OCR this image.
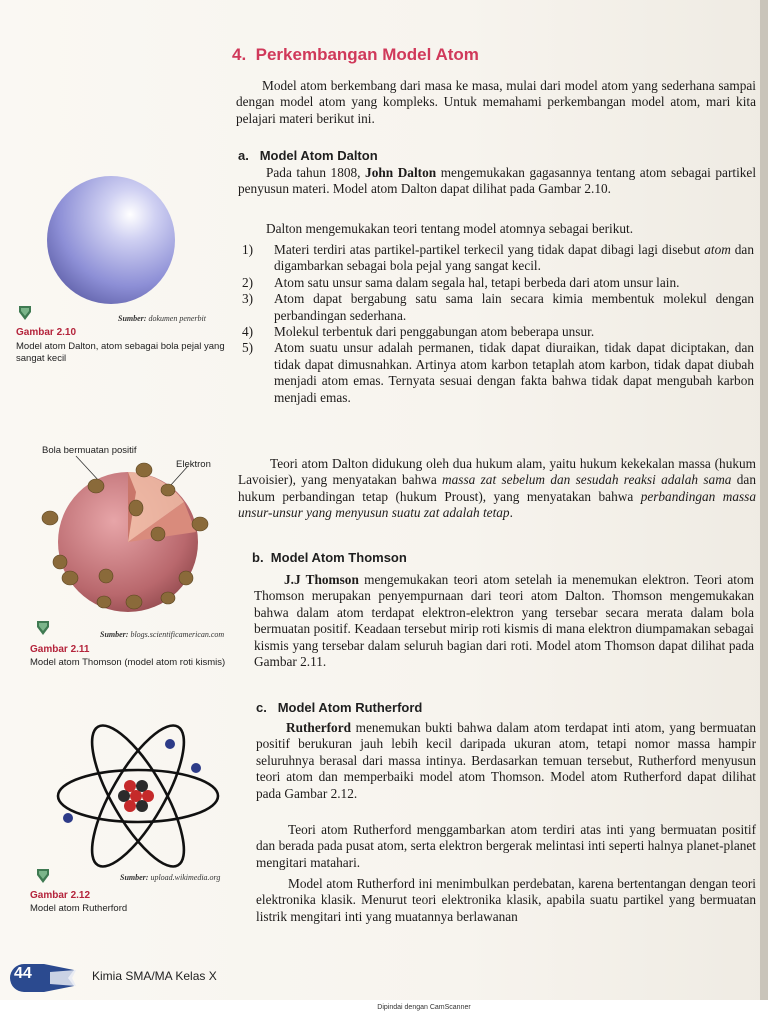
Sumber: dokumen penerbit
Gambar 2.10
Model atom Dalton, atom sebagai bola pejal yang sangat kecil
Bola bermuatan positif
Elektron
Sumber: blogs.scientificamerican.com
Gambar 2.11
Model atom Thomson (model atom roti kismis)
Sumber: upload.wikimedia.org
Gambar 2.12
Model atom Rutherford
4. Perkembangan Model Atom

Model atom berkembang dari masa ke masa, mulai dari model atom yang sederhana sampai dengan model atom yang kompleks. Untuk memahami perkembangan model atom, mari kita pelajari materi berikut ini.

a. Model Atom Dalton

Pada tahun 1808, John Dalton mengemukakan gagasannya tentang atom sebagai partikel penyusun materi. Model atom Dalton dapat dilihat pada Gambar 2.10.

Dalton mengemukakan teori tentang model atomnya sebagai berikut.

1)	Materi terdiri atas partikel-partikel terkecil yang tidak dapat dibagi lagi disebut atom dan digambarkan sebagai bola pejal yang sangat kecil.
2)	Atom satu unsur sama dalam segala hal, tetapi berbeda dari atom unsur lain.
3)	Atom dapat bergabung satu sama lain secara kimia membentuk molekul dengan perbandingan sederhana.
4)	Molekul terbentuk dari penggabungan atom beberapa unsur.
5)	Atom suatu unsur adalah permanen, tidak dapat diuraikan, tidak dapat diciptakan, dan tidak dapat dimusnahkan. Artinya atom karbon tetaplah atom karbon, tidak dapat diubah menjadi atom emas. Ternyata sesuai dengan fakta bahwa tidak dapat mengubah karbon menjadi emas.

Teori atom Dalton didukung oleh dua hukum alam, yaitu hukum kekekalan massa (hukum Lavoisier), yang menyatakan bahwa massa zat sebelum dan sesudah reaksi adalah sama dan hukum perbandingan tetap (hukum Proust), yang menyatakan bahwa perbandingan massa unsur-unsur yang menyusun suatu zat adalah tetap.

b. Model Atom Thomson

J.J Thomson mengemukakan teori atom setelah ia menemukan elektron. Teori atom Thomson merupakan penyempurnaan dari teori atom Dalton. Thomson mengemukakan bahwa dalam atom terdapat elektron-elektron yang tersebar secara merata dalam bola bermuatan positif. Keadaan tersebut mirip roti kismis di mana elektron diumpamakan sebagai kismis yang tersebar dalam seluruh bagian dari roti. Model atom Thomson dapat dilihat pada Gambar 2.11.

c. Model Atom Rutherford

Rutherford menemukan bukti bahwa dalam atom terdapat inti atom, yang bermuatan positif berukuran jauh lebih kecil daripada ukuran atom, tetapi nomor massa hampir seluruhnya berasal dari massa intinya. Berdasarkan temuan tersebut, Rutherford menyusun teori atom dan memperbaiki model atom Thomson. Model atom Rutherford dapat dilihat pada Gambar 2.12.

Teori atom Rutherford menggambarkan atom terdiri atas inti yang bermuatan positif dan berada pada pusat atom, serta elektron bergerak melintasi inti seperti halnya planet-planet mengitari matahari.

Model atom Rutherford ini menimbulkan perdebatan, karena bertentangan dengan teori elektronika klasik. Menurut teori elektronika klasik, apabila suatu partikel yang bermuatan listrik mengitari inti yang muatannya berlawanan

44	Kimia SMA/MA Kelas X
Dipindai dengan CamScanner
